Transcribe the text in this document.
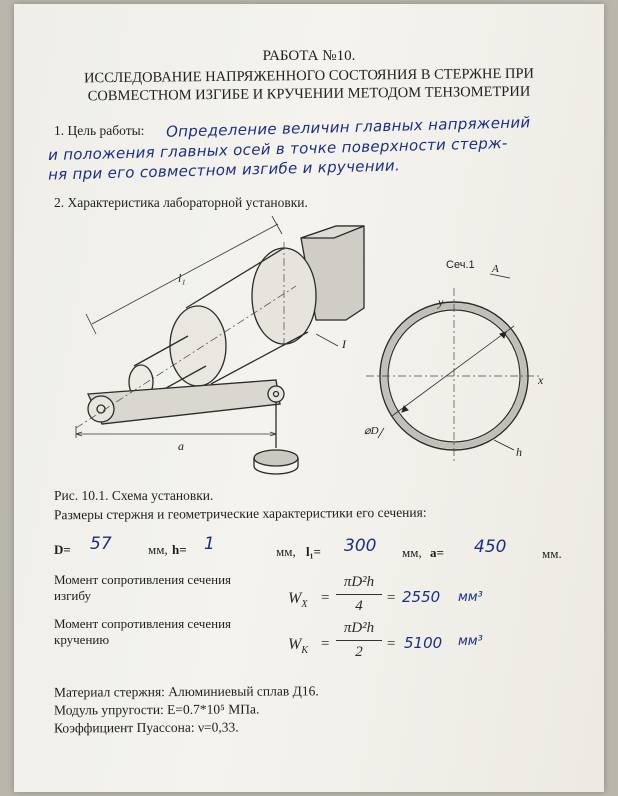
РАБОТА №10.
ИССЛЕДОВАНИЕ НАПРЯЖЕННОГО СОСТОЯНИЯ В СТЕРЖНЕ ПРИ
СОВМЕСТНОМ ИЗГИБЕ И КРУЧЕНИИ МЕТОДОМ ТЕНЗОМЕТРИИ
1. Цель работы: Определение величин главных напряжений
и положения главных осей в точке поверхности стерж-
ня при его совместном изгибе и кручении.
2. Характеристика лабораторной установки.
l₁
I
a
Сеч.1 A
y
x
⌀D
h
Рис. 10.1. Схема установки.
Размеры стержня и геометрические характеристики его сечения:
D= 57	мм, h= 1	мм, l₁= 300 мм, a= 450	мм.
Момент сопротивления сечения
изгибу	$W_X$ =
πD²h
4	= 2550 мм³
Момент сопротивления сечения
кручению	$W_K$ =
πD²h
2	= 5100 мм³
Материал стержня: Алюминиевый сплав Д16.
Модуль упругости: E=0.7*10⁵ МПа.
Коэффициент Пуассона: ν=0,33.
